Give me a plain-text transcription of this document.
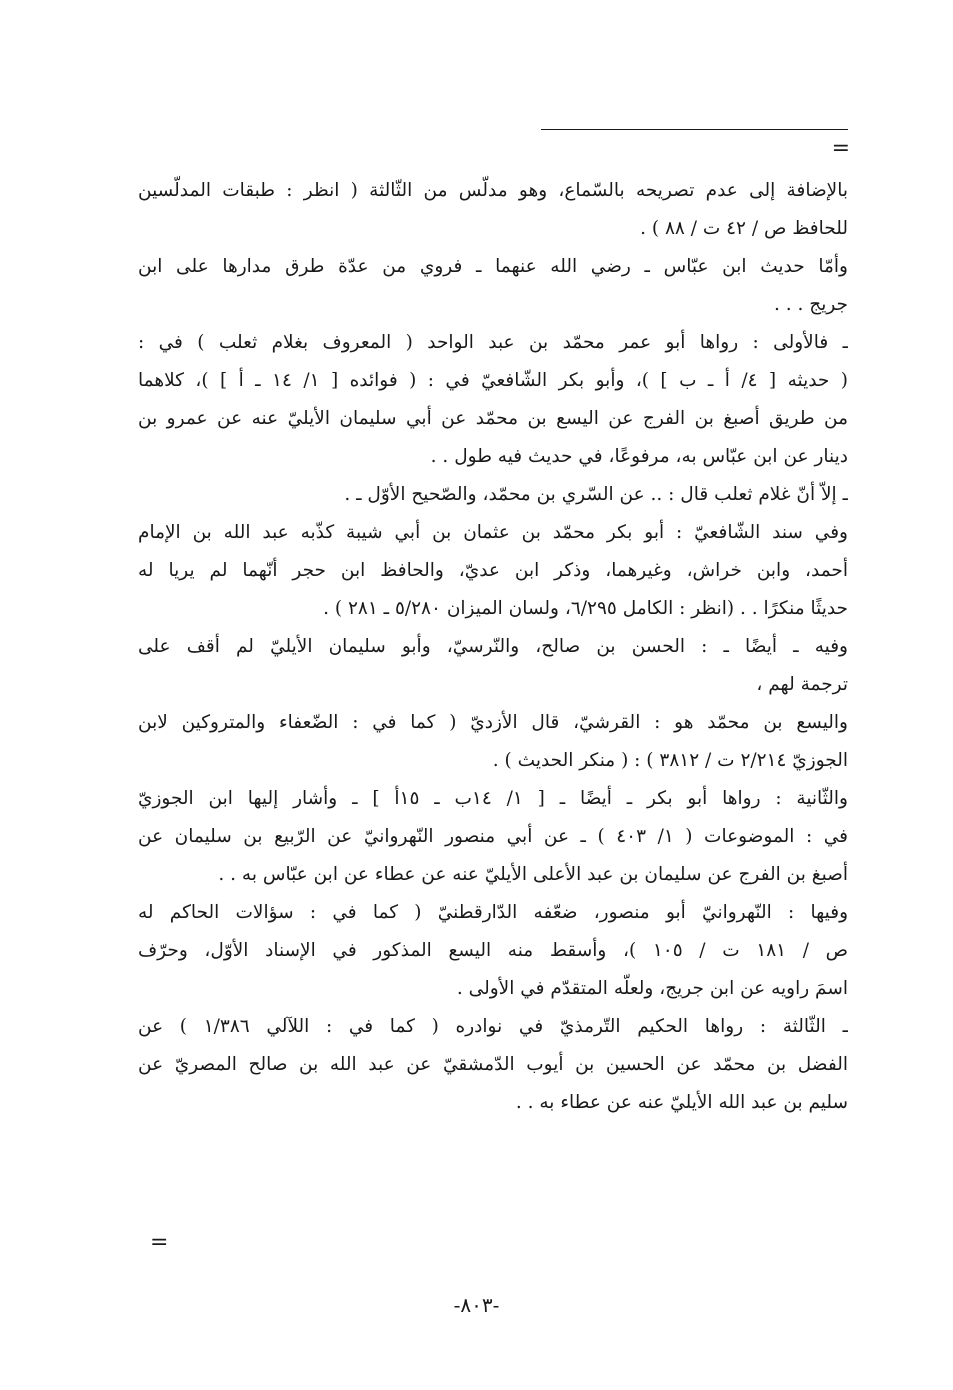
=
بالإضافة إلى عدم تصريحه بالسّماع، وهو مدلّس من الثّالثة ( انظر : طبقات المدلّسين
للحافظ ص / ٤٢ ت / ٨٨ ) .
وأمّا حديث ابن عبّاس ـ رضي الله عنهما ـ فروي من عدّة طرق مدارها على ابن
جريج . . .
ـ فالأولى : رواها أبو عمر محمّد بن عبد الواحد ( المعروف بغلام ثعلب ) في :
( حديثه [ ٤/ أ ـ ب ] )، وأبو بكر الشّافعيّ في : ( فوائده [ ١/ ١٤ ـ أ ] )، كلاهما
من طريق أصبغ بن الفرج عن اليسع بن محمّد عن أبي سليمان الأيليّ عنه عن عمرو بن
دينار عن ابن عبّاس به، مرفوعًا، في حديث فيه طول . .
ـ إلاّ أنّ غلام ثعلب قال : .. عن السّري بن محمّد، والصّحيح الأوّل ـ .
وفي سند الشّافعيّ : أبو بكر محمّد بن عثمان بن أبي شيبة كذّبه عبد الله بن الإمام
أحمد، وابن خراش، وغيرهما، وذكر ابن عديّ، والحافظ ابن حجر أنّهما لم يريا له
حديثًا منكرًا . . (انظر : الكامل ٦/٢٩٥، ولسان الميزان ٥/٢٨٠ ـ ٢٨١ ) .
وفيه ـ أيضًا ـ : الحسن بن صالح، والنّرسيّ، وأبو سليمان الأيليّ لم أقف على
ترجمة لهم ،
واليسع بن محمّد هو : القرشيّ، قال الأزديّ ( كما في : الضّعفاء والمتروكين لابن
الجوزيّ ٢/٢١٤ ت / ٣٨١٢ ) : ( منكر الحديث ) .
والثّانية : رواها أبو بكر ـ أيضًا ـ [ ١/ ١٤ب ـ ١٥أ ] ـ وأشار إليها ابن الجوزيّ
في : الموضوعات ( ١/ ٤٠٣ ) ـ عن أبي منصور النّهروانيّ عن الرّبيع بن سليمان عن
أصبغ بن الفرج عن سليمان بن عبد الأعلى الأيليّ عنه عن عطاء عن ابن عبّاس به . .
وفيها : النّهروانيّ أبو منصور، ضعّفه الدّارقطنيّ ( كما في : سؤالات الحاكم له
ص / ١٨١ ت / ١٠٥ )، وأسقط منه اليسع المذكور في الإسناد الأوّل، وحرّف
اسمَ راويه عن ابن جريج، ولعلّه المتقدّم في الأولى .
ـ الثّالثة : رواها الحكيم التّرمذيّ في نوادره ( كما في : اللآلي ١/٣٨٦ ) عن
الفضل بن محمّد عن الحسين بن أيوب الدّمشقيّ عن عبد الله بن صالح المصريّ عن
سليم بن عبد الله الأيليّ عنه عن عطاء به . .
=
-٨٠٣-
